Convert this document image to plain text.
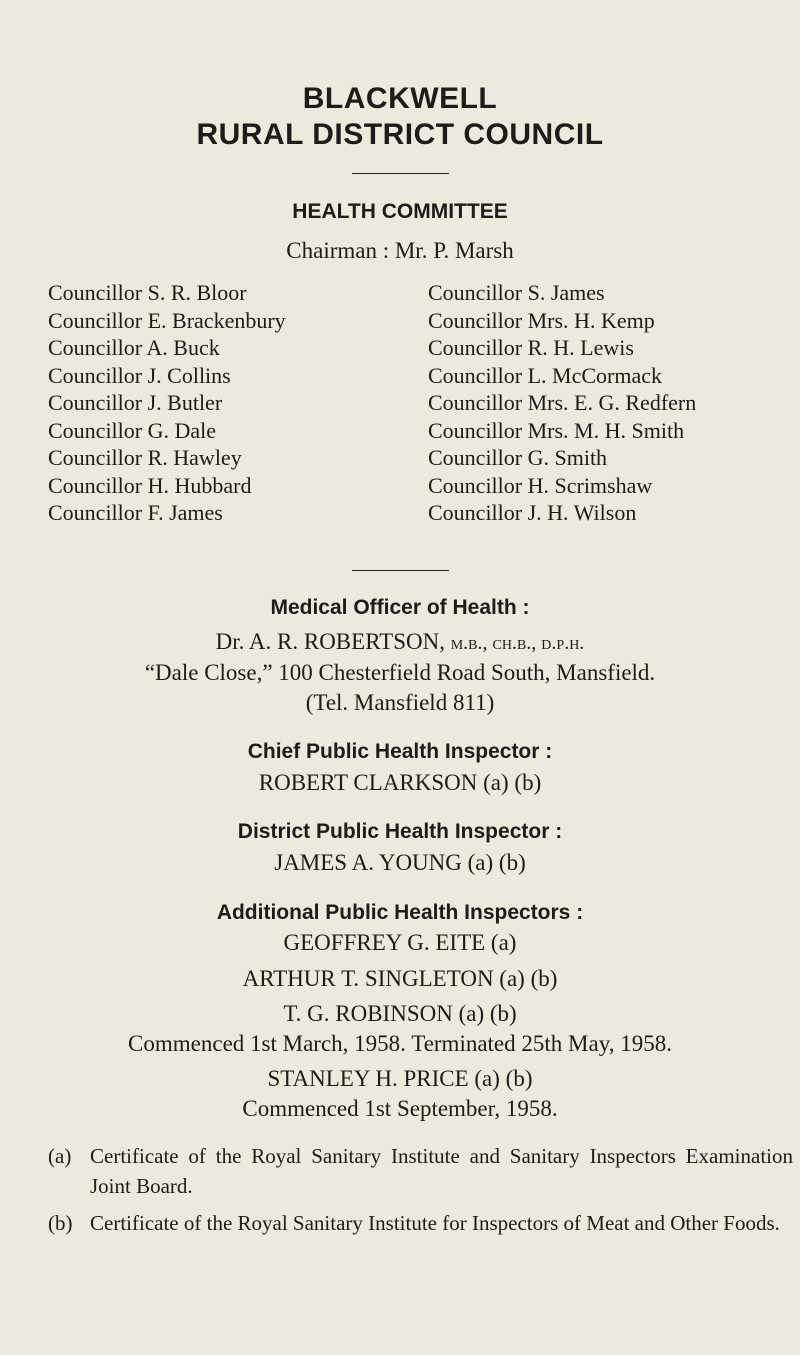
BLACKWELL
RURAL DISTRICT COUNCIL
HEALTH COMMITTEE
Chairman : Mr. P. Marsh
Councillor S. R. Bloor
Councillor E. Brackenbury
Councillor A. Buck
Councillor J. Collins
Councillor J. Butler
Councillor G. Dale
Councillor R. Hawley
Councillor H. Hubbard
Councillor F. James
Councillor S. James
Councillor Mrs. H. Kemp
Councillor R. H. Lewis
Councillor L. McCormack
Councillor Mrs. E. G. Redfern
Councillor Mrs. M. H. Smith
Councillor G. Smith
Councillor H. Scrimshaw
Councillor J. H. Wilson
Medical Officer of Health :
Dr. A. R. ROBERTSON, m.b., ch.b., d.p.h.
“Dale Close,” 100 Chesterfield Road South, Mansfield.
(Tel. Mansfield 811)
Chief Public Health Inspector :
ROBERT CLARKSON (a) (b)
District Public Health Inspector :
JAMES A. YOUNG (a) (b)
Additional Public Health Inspectors :
GEOFFREY G. EITE (a)
ARTHUR T. SINGLETON (a) (b)
T. G. ROBINSON (a) (b)
Commenced 1st March, 1958. Terminated 25th May, 1958.
STANLEY H. PRICE (a) (b)
Commenced 1st September, 1958.
(a) Certificate of the Royal Sanitary Institute and Sanitary Inspectors Examination Joint Board.
(b) Certificate of the Royal Sanitary Institute for Inspectors of Meat and Other Foods.
